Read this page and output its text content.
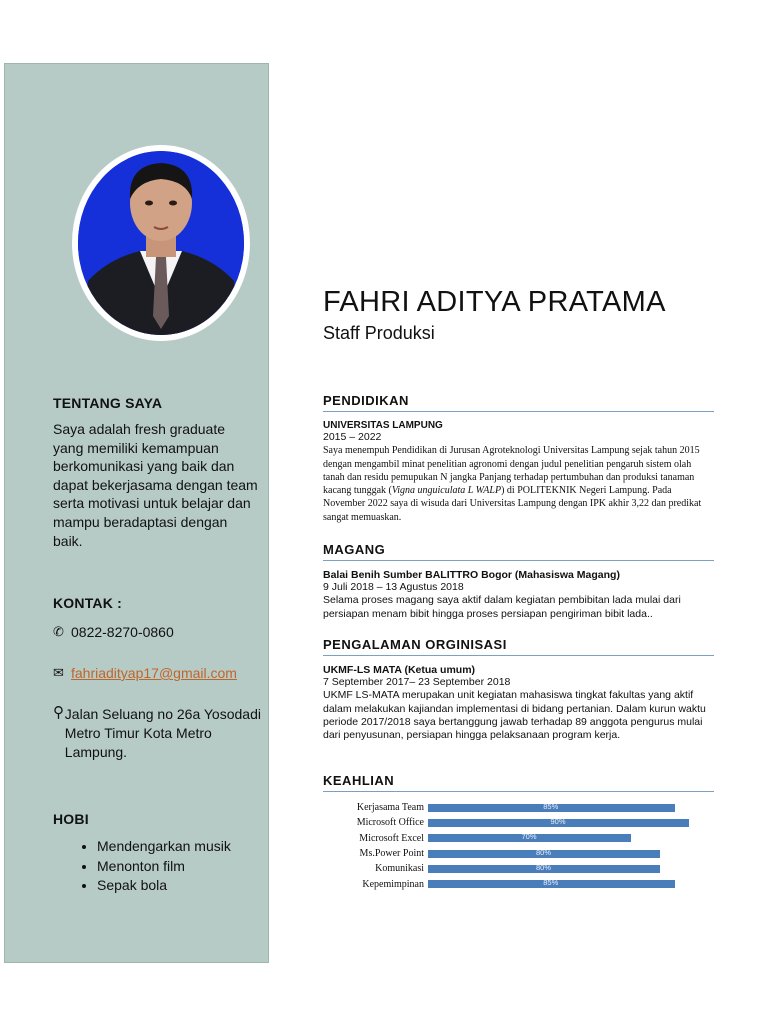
TENTANG SAYA
Saya adalah fresh graduate yang memiliki kemampuan berkomunikasi yang baik dan dapat bekerjasama dengan team serta motivasi untuk belajar dan mampu beradaptasi dengan baik.
KONTAK :
✆ 0822-8270-0860
✉ fahriadityap17@gmail.com
⚲ Jalan Seluang no 26a Yosodadi Metro Timur Kota Metro Lampung.
HOBI
• Mendengarkan musik
• Menonton film
• Sepak bola
FAHRI ADITYA PRATAMA
Staff Produksi
PENDIDIKAN
UNIVERSITAS LAMPUNG
2015 – 2022
Saya menempuh Pendidikan di Jurusan Agroteknologi Universitas Lampung sejak tahun 2015 dengan mengambil minat penelitian agronomi dengan judul penelitian pengaruh sistem olah tanah dan residu pemupukan N jangka Panjang terhadap pertumbuhan dan produksi tanaman kacang tunggak (Vigna unguiculata L WALP) di POLITEKNIK Negeri Lampung. Pada November 2022 saya di wisuda dari Universitas Lampung dengan IPK akhir 3,22 dan predikat sangat memuaskan.
MAGANG
Balai Benih Sumber BALITTRO Bogor (Mahasiswa Magang)
9 Juli 2018 – 13 Agustus 2018
Selama proses magang saya aktif dalam kegiatan pembibitan lada mulai dari persiapan menam bibit hingga proses persiapan pengiriman bibit lada..
PENGALAMAN ORGINISASI
UKMF-LS MATA (Ketua umum)
7 September 2017– 23 September 2018
UKMF LS-MATA merupakan unit kegiatan mahasiswa tingkat fakultas yang aktif dalam melakukan kajiandan implementasi di bidang pertanian. Dalam kurun waktu periode 2017/2018 saya bertanggung jawab terhadap 89 anggota pengurus mulai dari penyusunan, persiapan hingga pelaksanaan program kerja.
KEAHLIAN
Kerjasama Team	85%
Microsoft Office	90%
Microsoft Excel	70%
Ms.Power Point	80%
Komunikasi	80%
Kepemimpinan	85%
